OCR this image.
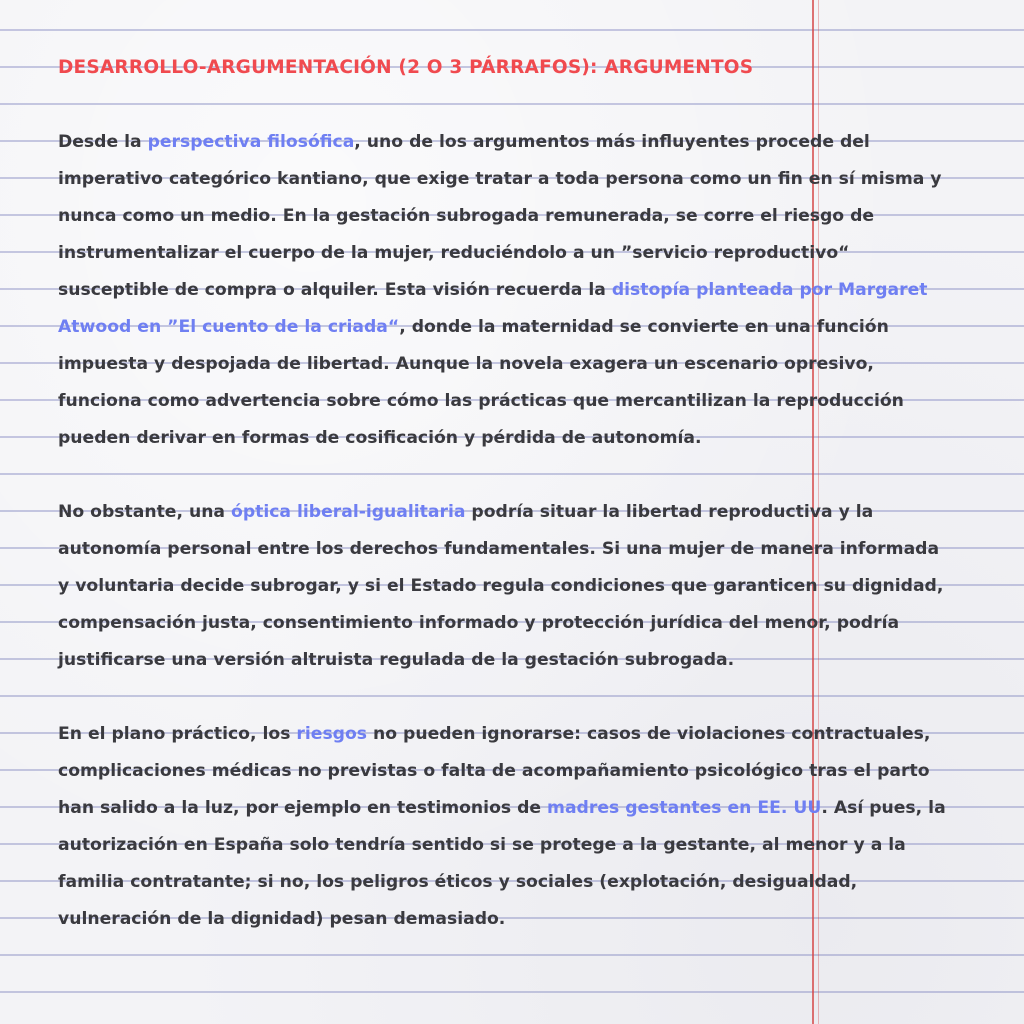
DESARROLLO-ARGUMENTACIÓN (2 O 3 PÁRRAFOS): ARGUMENTOS
Desde la perspectiva filosófica, uno de los argumentos más influyentes procede del
imperativo categórico kantiano, que exige tratar a toda persona como un fin en sí misma y
nunca como un medio. En la gestación subrogada remunerada, se corre el riesgo de
instrumentalizar el cuerpo de la mujer, reduciéndolo a un ”servicio reproductivo“
susceptible de compra o alquiler. Esta visión recuerda la distopía planteada por Margaret
Atwood en ”El cuento de la criada“, donde la maternidad se convierte en una función
impuesta y despojada de libertad. Aunque la novela exagera un escenario opresivo,
funciona como advertencia sobre cómo las prácticas que mercantilizan la reproducción
pueden derivar en formas de cosificación y pérdida de autonomía.
No obstante, una óptica liberal-igualitaria podría situar la libertad reproductiva y la
autonomía personal entre los derechos fundamentales. Si una mujer de manera informada
y voluntaria decide subrogar, y si el Estado regula condiciones que garanticen su dignidad,
compensación justa, consentimiento informado y protección jurídica del menor, podría
justificarse una versión altruista regulada de la gestación subrogada.
En el plano práctico, los riesgos no pueden ignorarse: casos de violaciones contractuales,
complicaciones médicas no previstas o falta de acompañamiento psicológico tras el parto
han salido a la luz, por ejemplo en testimonios de madres gestantes en EE. UU. Así pues, la
autorización en España solo tendría sentido si se protege a la gestante, al menor y a la
familia contratante; si no, los peligros éticos y sociales (explotación, desigualdad,
vulneración de la dignidad) pesan demasiado.
